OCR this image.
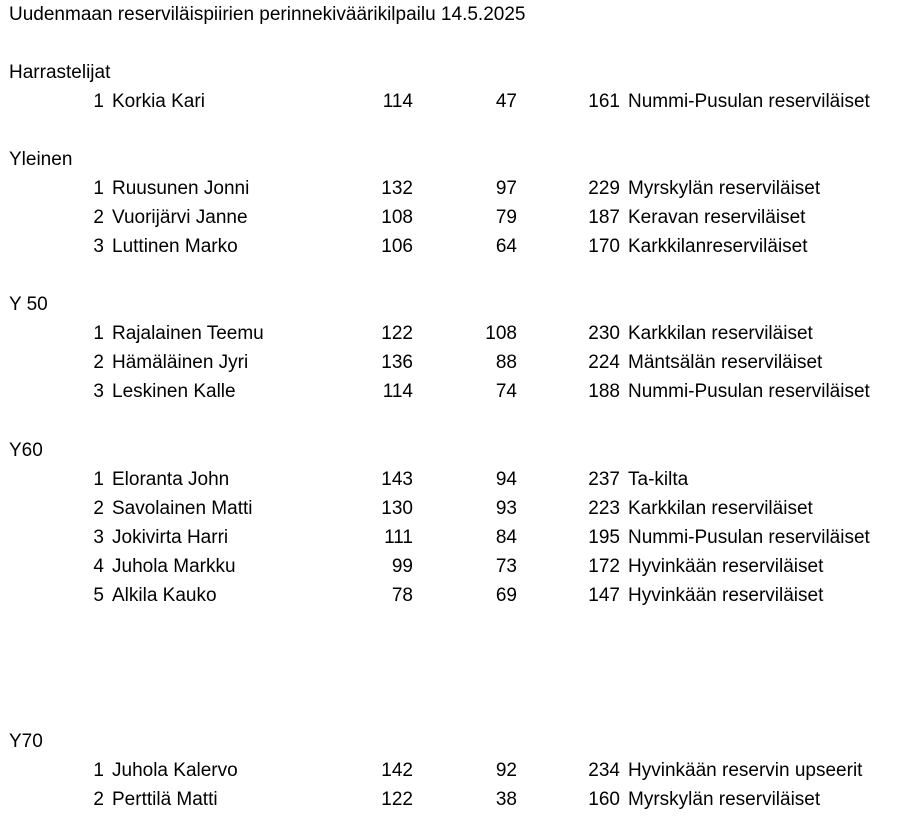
Uudenmaan reserviläispiirien perinnekiväärikilpailu 14.5.2025
Harrastelijat
1 Korkia Kari	114	47	161 Nummi-Pusulan reserviläiset
Yleinen
1 Ruusunen Jonni	132	97	229 Myrskylän reserviläiset
2 Vuorijärvi Janne	108	79	187 Keravan reserviläiset
3 Luttinen Marko	106	64	170 Karkkilanreserviläiset
Y 50
1 Rajalainen Teemu	122	108	230 Karkkilan reserviläiset
2 Hämäläinen Jyri	136	88	224 Mäntsälän reserviläiset
3 Leskinen Kalle	114	74	188 Nummi-Pusulan reserviläiset
Y60
1 Eloranta John	143	94	237 Ta-kilta
2 Savolainen Matti	130	93	223 Karkkilan reserviläiset
3 Jokivirta Harri	111	84	195 Nummi-Pusulan reserviläiset
4 Juhola Markku	99	73	172 Hyvinkään reserviläiset
5 Alkila Kauko	78	69	147 Hyvinkään reserviläiset
Y70
1 Juhola Kalervo	142	92	234 Hyvinkään reservin upseerit
2 Perttilä Matti	122	38	160 Myrskylän reserviläiset
